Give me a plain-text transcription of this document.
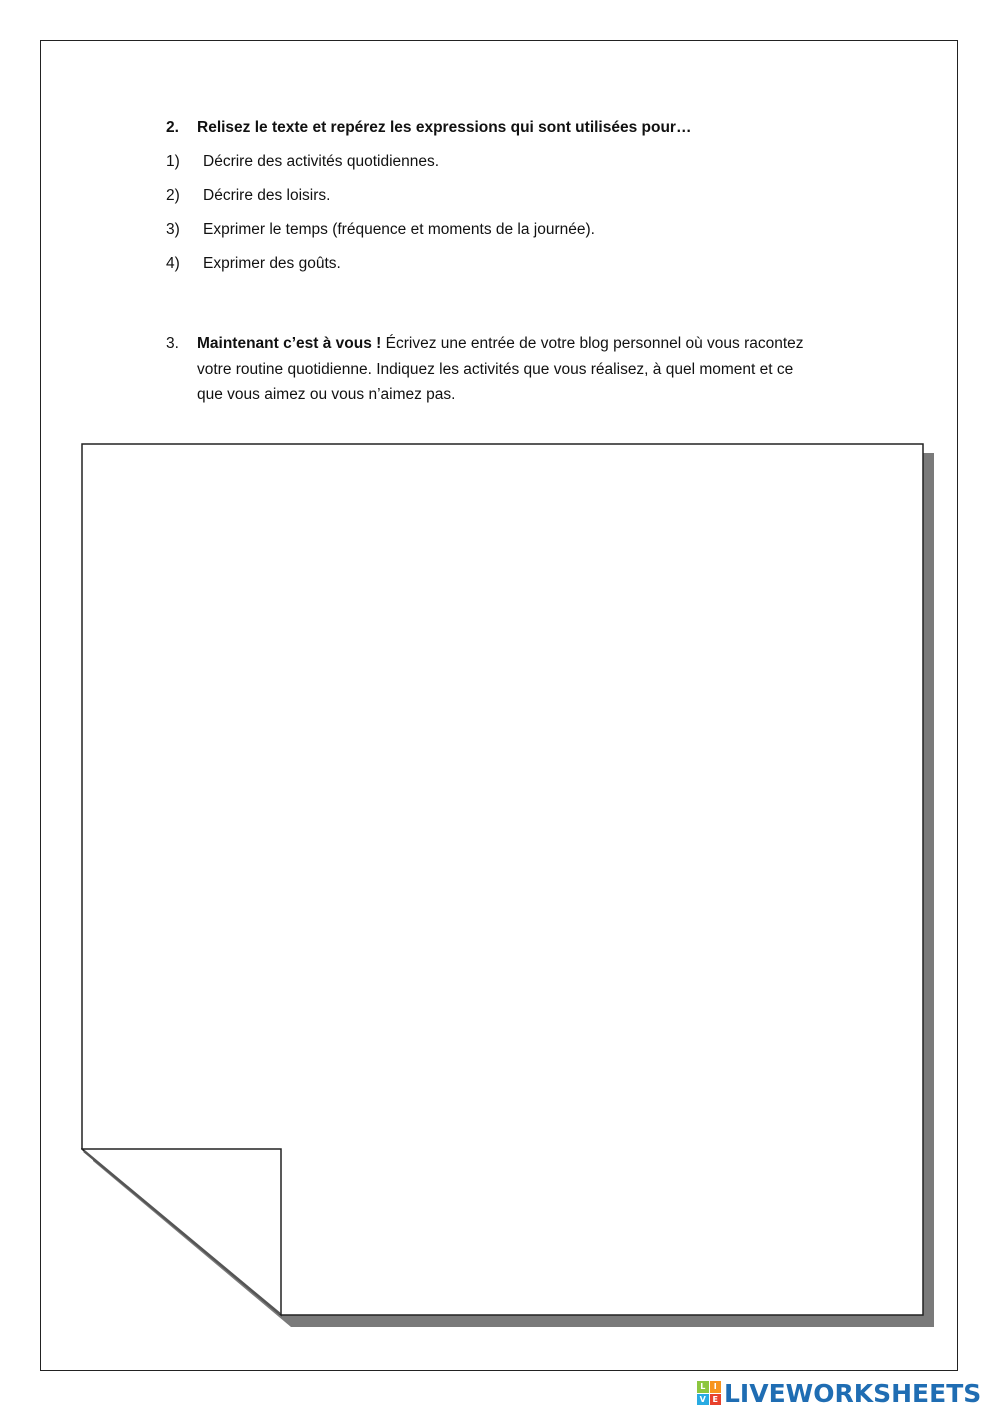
2. Relisez le texte et repérez les expressions qui sont utilisées pour…
1) Décrire des activités quotidiennes.
2) Décrire des loisirs.
3) Exprimer le temps (fréquence et moments de la journée).
4) Exprimer des goûts.
3. Maintenant c’est à vous ! Écrivez une entrée de votre blog personnel où vous racontez
votre routine quotidienne. Indiquez les activités que vous réalisez, à quel moment et ce
que vous aimez ou vous n’aimez pas.
L	I
V E LIVEWORKSHEETS
